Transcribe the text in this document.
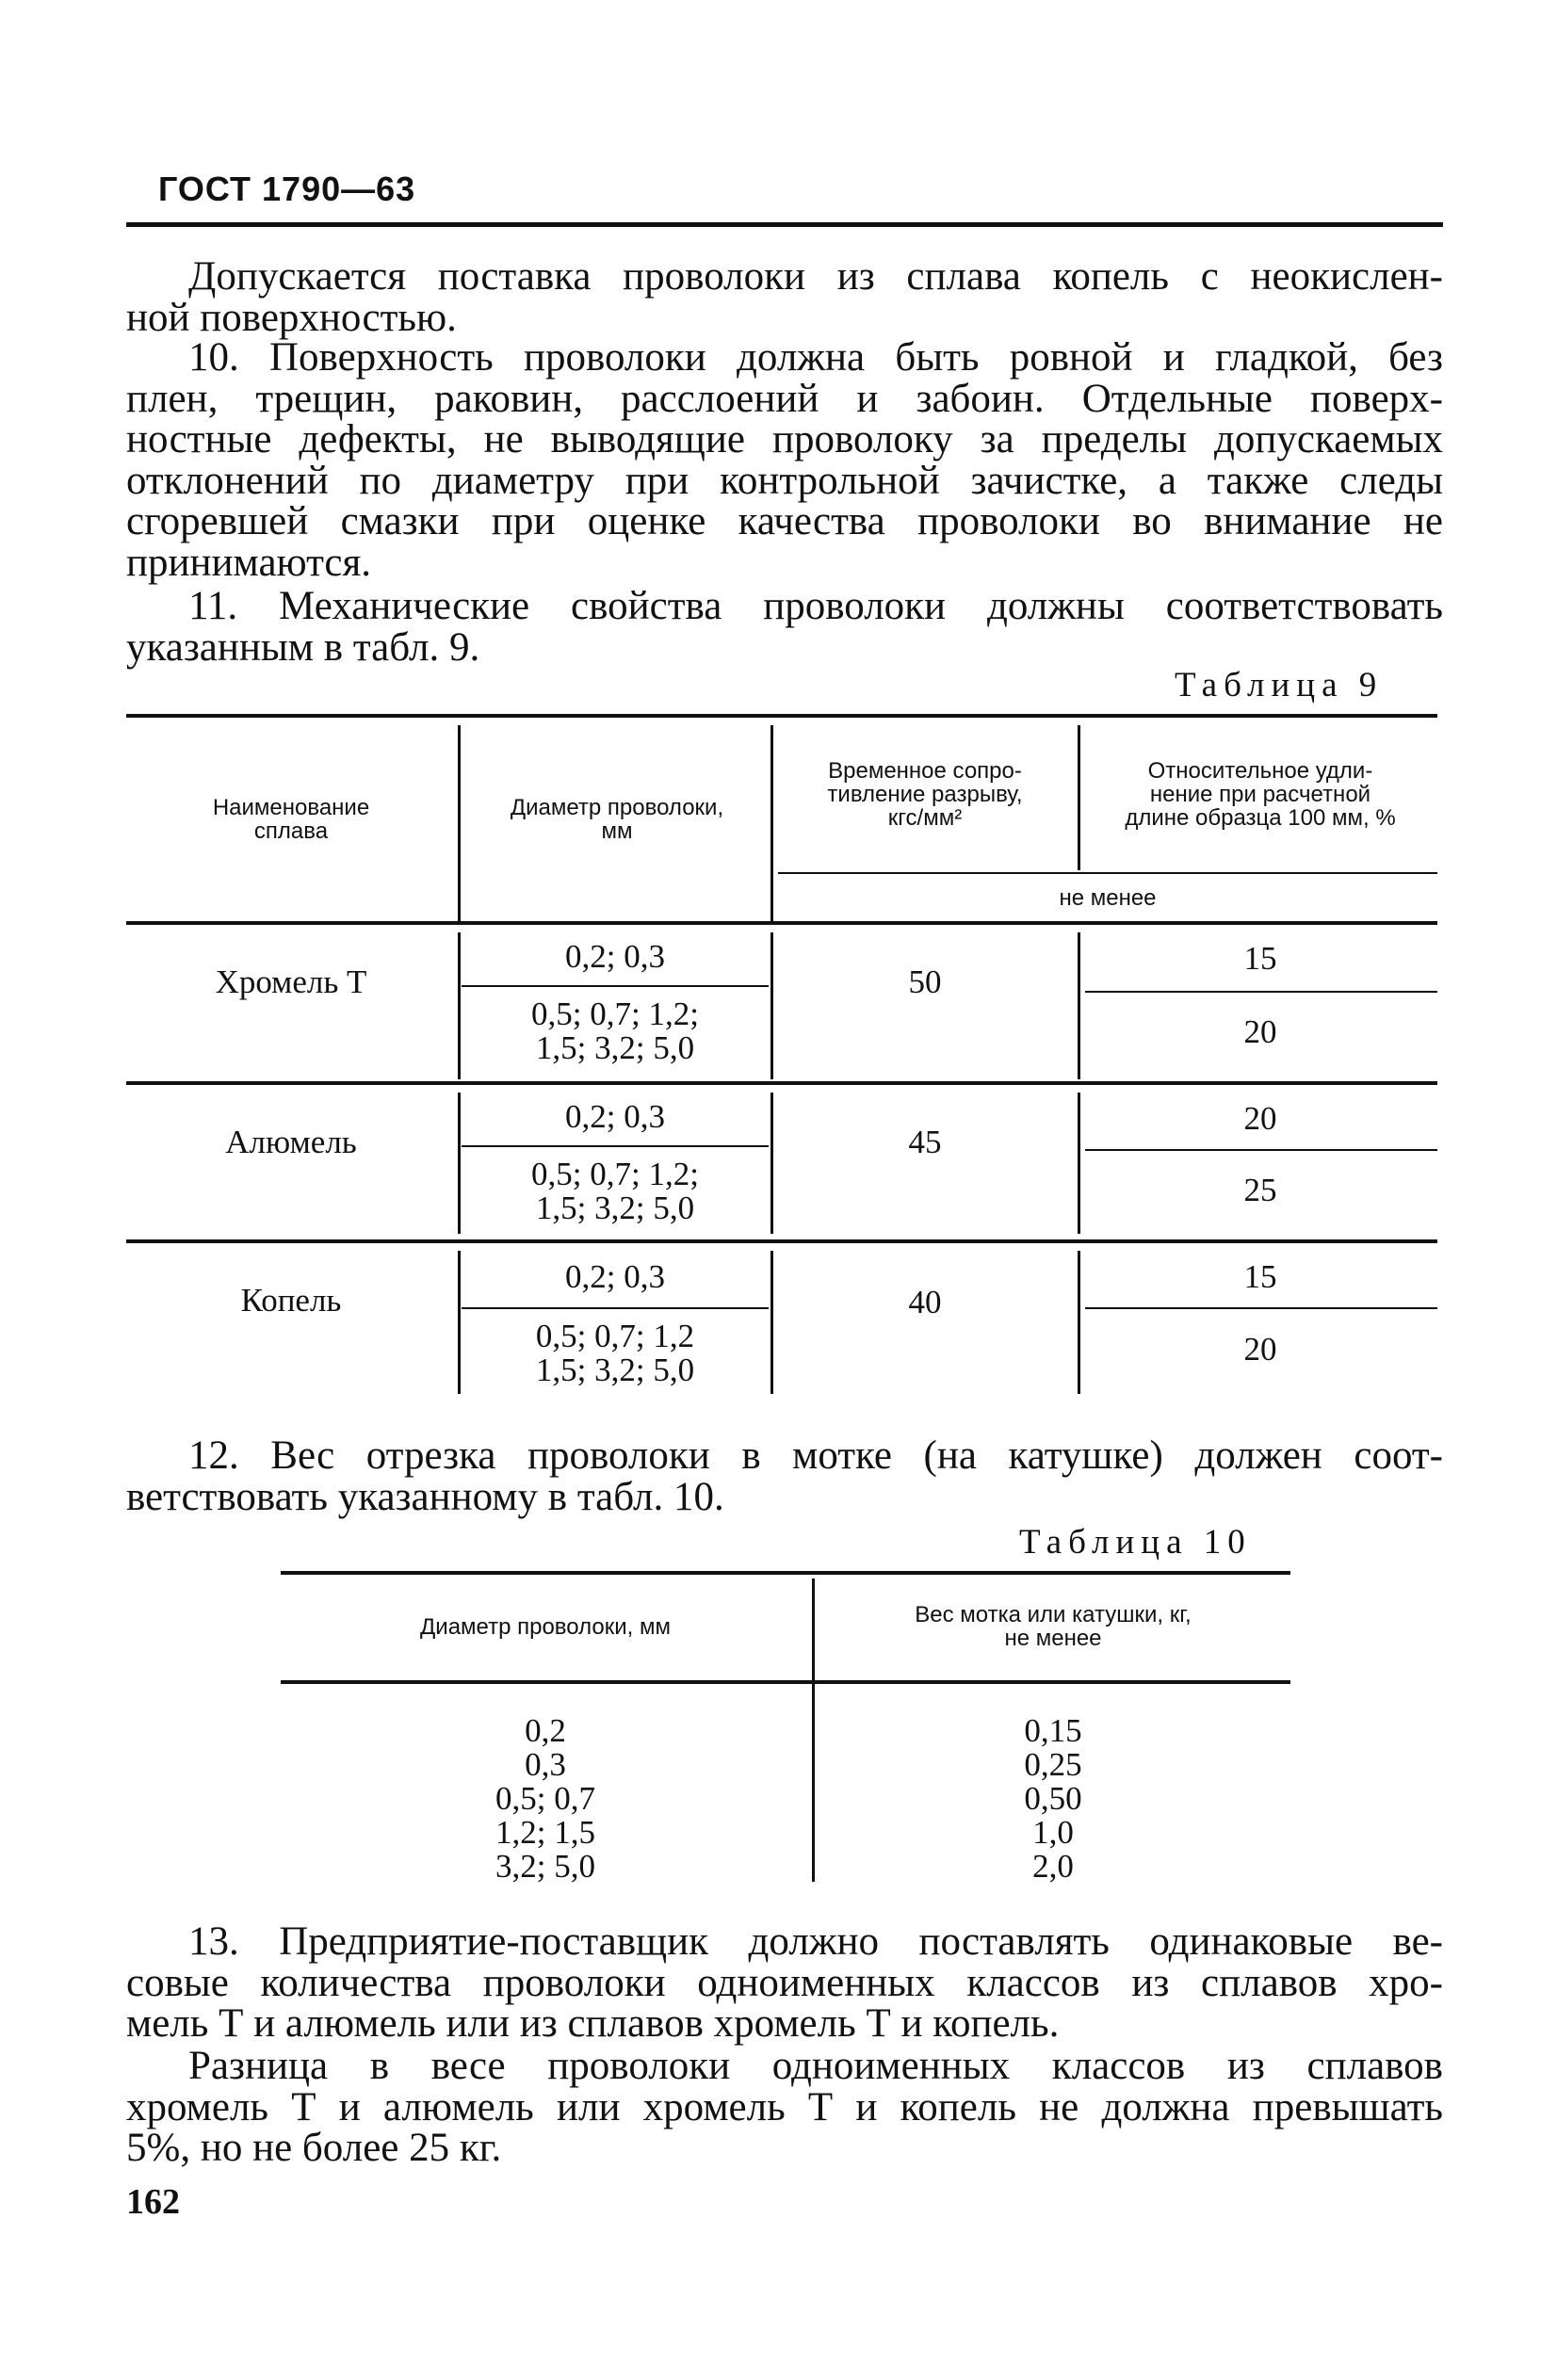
ГОСТ 1790—63
Допускается поставка проволоки из сплава копель с неокислен-
ной поверхностью.
10. Поверхность проволоки должна быть ровной и гладкой, без
плен, трещин, раковин, расслоений и забоин. Отдельные поверх-
ностные дефекты, не выводящие проволоку за пределы допускаемых
отклонений по диаметру при контрольной зачистке, а также следы
сгоревшей смазки при оценке качества проволоки во внимание не
принимаются.
11. Механические свойства проволоки должны соответствовать
указанным в табл. 9.
Таблица 9
Наименование
сплава
Диаметр проволоки,
мм
Временное сопро-
тивление разрыву,
кгс/мм²
Относительное удли-
нение при расчетной
длине образца 100 мм, %
не менее
Хромель Т
0,2; 0,3
0,5; 0,7; 1,2;
1,5; 3,2; 5,0
50
15
20
Алюмель
0,2; 0,3
0,5; 0,7; 1,2;
1,5; 3,2; 5,0
45
20
25
Копель
0,2; 0,3
0,5; 0,7; 1,2
1,5; 3,2; 5,0
40
15
20
12. Вес отрезка проволоки в мотке (на катушке) должен соот-
ветствовать указанному в табл. 10.
Таблица 10
Диаметр проволоки, мм	Вес мотка или катушки, кг,
не менее
0,2
0,3
0,5; 0,7
1,2; 1,5
3,2; 5,0
0,15
0,25
0,50
1,0
2,0
13. Предприятие-поставщик должно поставлять одинаковые ве-
совые количества проволоки одноименных классов из сплавов хро-
мель Т и алюмель или из сплавов хромель Т и копель.
Разница в весе проволоки одноименных классов из сплавов
хромель Т и алюмель или хромель Т и копель не должна превышать
5%, но не более 25 кг.
162
